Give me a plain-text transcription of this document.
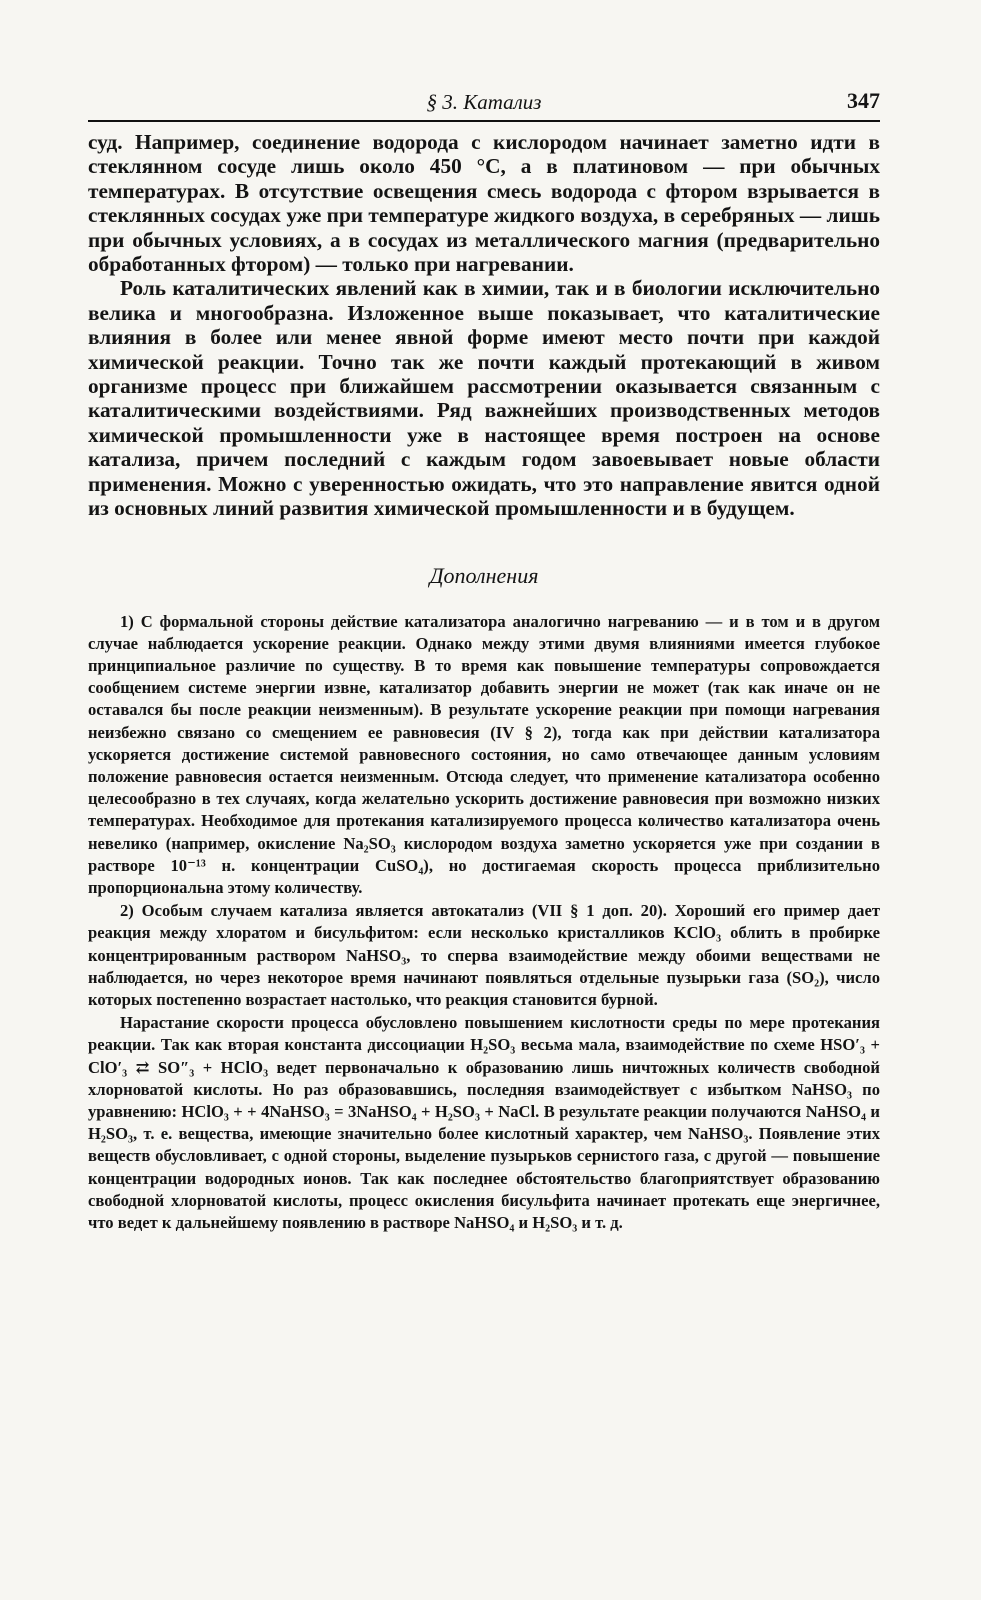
§ 3. Катализ	347

суд. Например, соединение водорода с кислородом начинает заметно идти в стеклянном сосуде лишь около 450 °С, а в платиновом — при обычных температурах. В отсутствие освещения смесь водорода с фтором взрывается в стеклянных сосудах уже при температуре жидкого воздуха, в серебряных — лишь при обычных условиях, а в сосудах из металлического магния (предварительно обработанных фтором) — только при нагревании.

Роль каталитических явлений как в химии, так и в биологии исключительно велика и многообразна. Изложенное выше показывает, что каталитические влияния в более или менее явной форме имеют место почти при каждой химической реакции. Точно так же почти каждый протекающий в живом организме процесс при ближайшем рассмотрении оказывается связанным с каталитическими воздействиями. Ряд важнейших производственных методов химической промышленности уже в настоящее время построен на основе катализа, причем последний с каждым годом завоевывает новые области применения. Можно с уверенностью ожидать, что это направление явится одной из основных линий развития химической промышленности и в будущем.

Дополнения

1) С формальной стороны действие катализатора аналогично нагреванию — и в том и в другом случае наблюдается ускорение реакции. Однако между этими двумя влияниями имеется глубокое принципиальное различие по существу. В то время как повышение температуры сопровождается сообщением системе энергии извне, катализатор добавить энергии не может (так как иначе он не оставался бы после реакции неизменным). В результате ускорение реакции при помощи нагревания неизбежно связано со смещением ее равновесия (IV § 2), тогда как при действии катализатора ускоряется достижение системой равновесного состояния, но само отвечающее данным условиям положение равновесия остается неизменным. Отсюда следует, что применение катализатора особенно целесообразно в тех случаях, когда желательно ускорить достижение равновесия при возможно низких температурах. Необходимое для протекания катализируемого процесса количество катализатора очень невелико (например, окисление Na₂SO₃ кислородом воздуха заметно ускоряется уже при создании в растворе 10⁻¹³ н. концентрации CuSO₄), но достигаемая скорость процесса приблизительно пропорциональна этому количеству.

2) Особым случаем катализа является автокатализ (VII § 1 доп. 20). Хороший его пример дает реакция между хлоратом и бисульфитом: если несколько кристалликов KClO₃ облить в пробирке концентрированным раствором NaHSO₃, то сперва взаимодействие между обоими веществами не наблюдается, но через некоторое время начинают появляться отдельные пузырьки газа (SO₂), число которых постепенно возрастает настолько, что реакция становится бурной.

Нарастание скорости процесса обусловлено повышением кислотности среды по мере протекания реакции. Так как вторая константа диссоциации H₂SO₃ весьма мала, взаимодействие по схеме HSO′₃ + ClO′₃ ⇄ SO″₃ + HClO₃ ведет первоначально к образованию лишь ничтожных количеств свободной хлорноватой кислоты. Но раз образовавшись, последняя взаимодействует с избытком NaHSO₃ по уравнению: HClO₃ + + 4NaHSO₃ = 3NaHSO₄ + H₂SO₃ + NaCl. В результате реакции получаются NaHSO₄ и H₂SO₃, т. е. вещества, имеющие значительно более кислотный характер, чем NaHSO₃. Появление этих веществ обусловливает, с одной стороны, выделение пузырьков сернистого газа, с другой — повышение концентрации водородных ионов. Так как последнее обстоятельство благоприятствует образованию свободной хлорноватой кислоты, процесс окисления бисульфита начинает протекать еще энергичнее, что ведет к дальнейшему появлению в растворе NaHSO₄ и H₂SO₃ и т. д.
